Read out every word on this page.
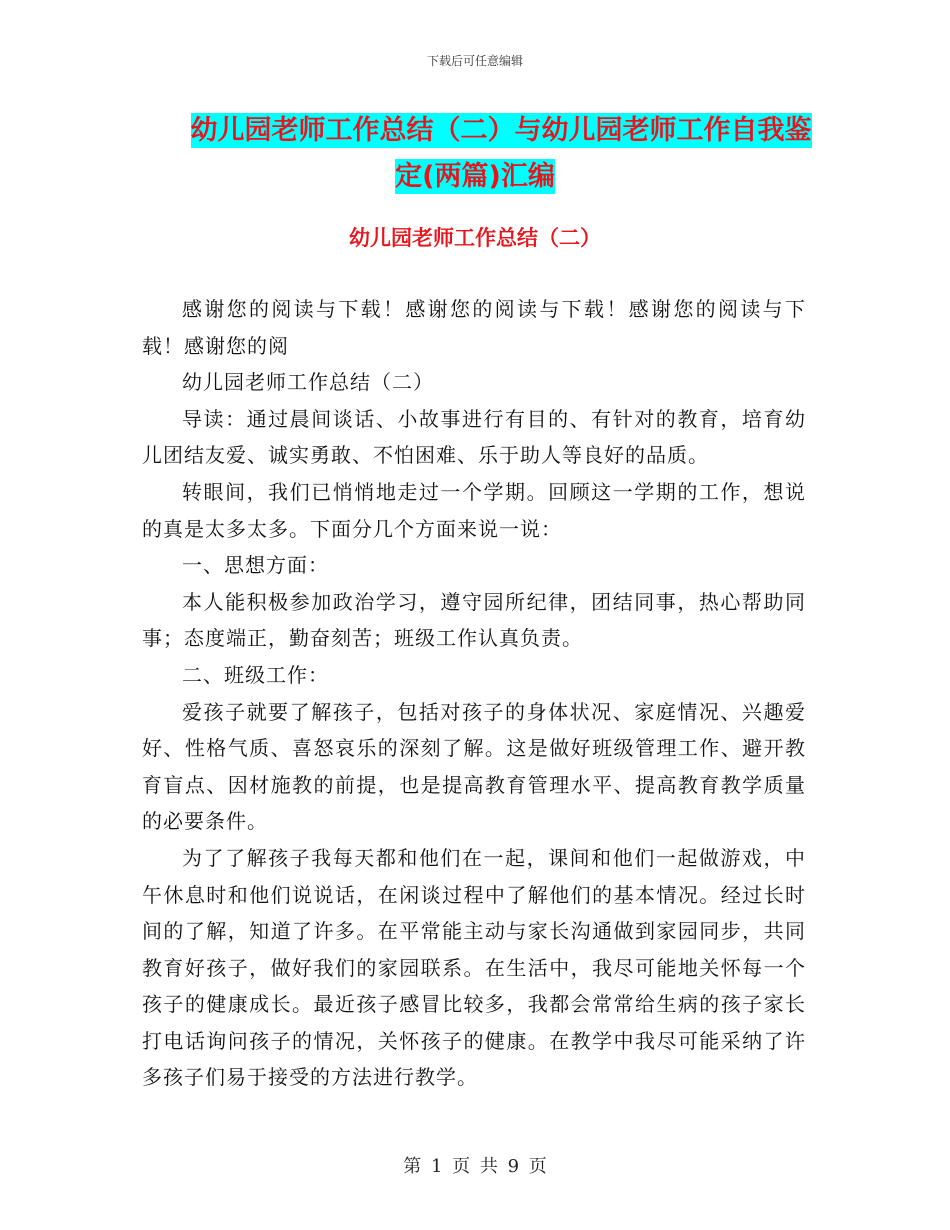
下载后可任意编辑
幼儿园老师工作总结（二）与幼儿园老师工作自我鉴
定(两篇)汇编
幼儿园老师工作总结（二）

感谢您的阅读与下载！感谢您的阅读与下载！感谢您的阅读与下载！感谢您的阅

幼儿园老师工作总结（二）

导读：通过晨间谈话、小故事进行有目的、有针对的教育，培育幼儿团结友爱、诚实勇敢、不怕困难、乐于助人等良好的品质。

转眼间，我们已悄悄地走过一个学期。回顾这一学期的工作，想说的真是太多太多。下面分几个方面来说一说：

一、思想方面：

本人能积极参加政治学习，遵守园所纪律，团结同事，热心帮助同事；态度端正，勤奋刻苦；班级工作认真负责。

二、班级工作：

爱孩子就要了解孩子，包括对孩子的身体状况、家庭情况、兴趣爱好、性格气质、喜怒哀乐的深刻了解。这是做好班级管理工作、避开教育盲点、因材施教的前提，也是提高教育管理水平、提高教育教学质量的必要条件。

为了了解孩子我每天都和他们在一起，课间和他们一起做游戏，中午休息时和他们说说话，在闲谈过程中了解他们的基本情况。经过长时间的了解，知道了许多。在平常能主动与家长沟通做到家园同步，共同教育好孩子，做好我们的家园联系。在生活中，我尽可能地关怀每一个孩子的健康成长。最近孩子感冒比较多，我都会常常给生病的孩子家长打电话询问孩子的情况，关怀孩子的健康。在教学中我尽可能采纳了许多孩子们易于接受的方法进行教学。

第 1 页 共 9 页
